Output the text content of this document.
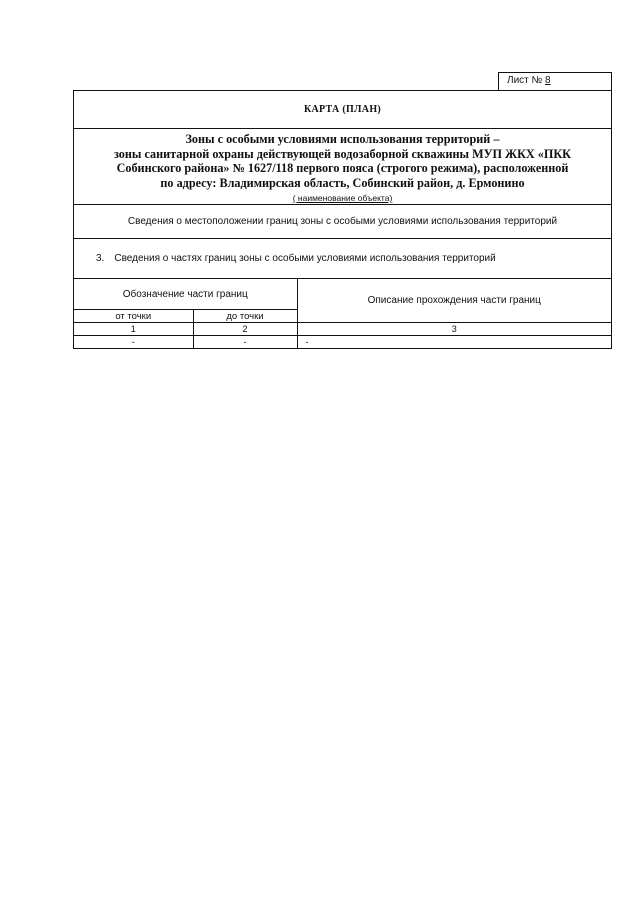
Лист № 8
КАРТА (ПЛАН)
Зоны с особыми условиями использования территорий –
зоны санитарной охраны действующей водозаборной скважины МУП ЖКХ «ПКК
Собинского района» № 1627/118 первого пояса (строгого режима), расположенной
по адресу: Владимирская область, Собинский район, д. Ермонино
( наименование объекта)
Сведения о местоположении границ зоны с особыми условиями использования территорий
3. Сведения о частях границ зоны с особыми условиями использования территорий
Обозначение части границ		Описание прохождения части границ
от точки	до точки	
1	2	3
-	-	-
